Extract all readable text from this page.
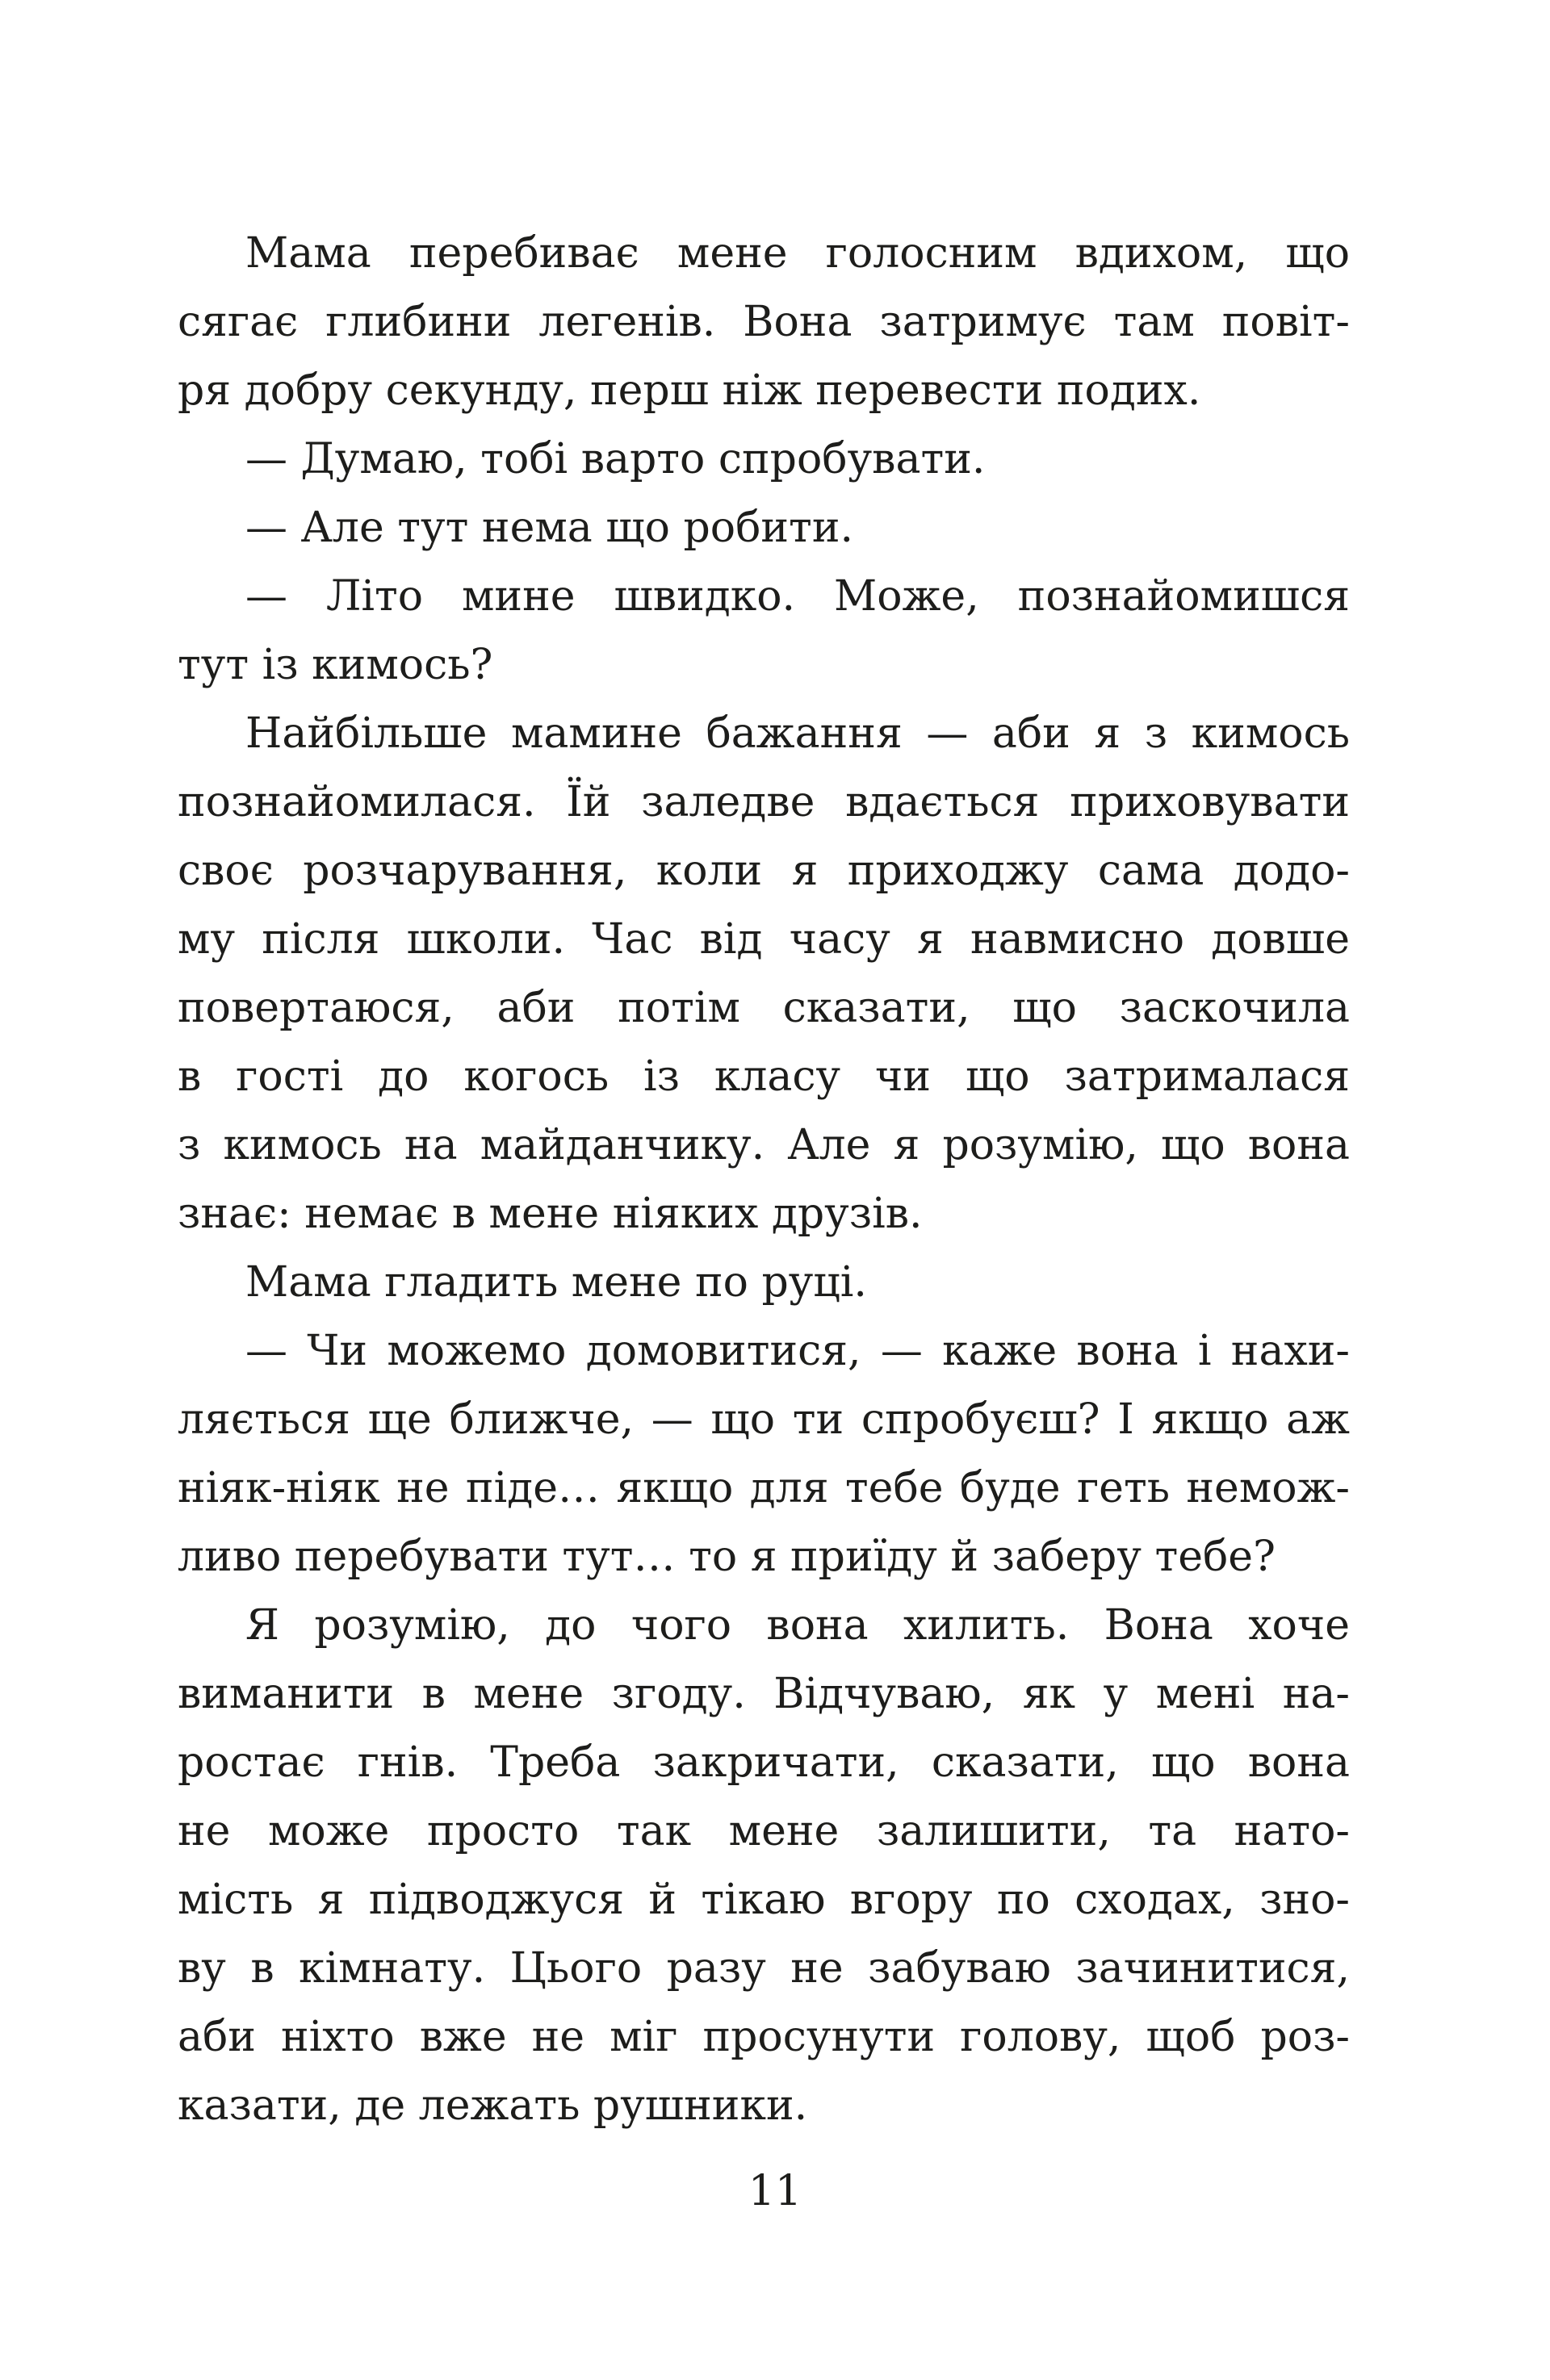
Мама перебиває мене голосним вдихом, що
сягає глибини легенів. Вона затримує там повіт-
ря добру секунду, перш ніж перевести подих.
— Думаю, тобі варто спробувати.
— Але тут нема що робити.
— Літо мине швидко. Може, познайомишся
тут із кимось?
Найбільше мамине бажання — аби я з кимось
познайомилася. Їй заледве вдається приховувати
своє розчарування, коли я приходжу сама додо-
му після школи. Час від часу я навмисно довше
повертаюся, аби потім сказати, що заскочила
в гості до когось із класу чи що затрималася
з кимось на майданчику. Але я розумію, що вона
знає: немає в мене ніяких друзів.
Мама гладить мене по руці.
— Чи можемо домовитися, — каже вона і нахи-
ляється ще ближче, — що ти спробуєш? І якщо аж
ніяк-ніяк не піде… якщо для тебе буде геть немож-
ливо перебувати тут… то я приїду й заберу тебе?
Я розумію, до чого вона хилить. Вона хоче
виманити в мене згоду. Відчуваю, як у мені на-
ростає гнів. Треба закричати, сказати, що вона
не може просто так мене залишити, та нато-
мість я підводжуся й тікаю вгору по сходах, зно-
ву в кімнату. Цього разу не забуваю зачинитися,
аби ніхто вже не міг просунути голову, щоб роз-
казати, де лежать рушники.
11
